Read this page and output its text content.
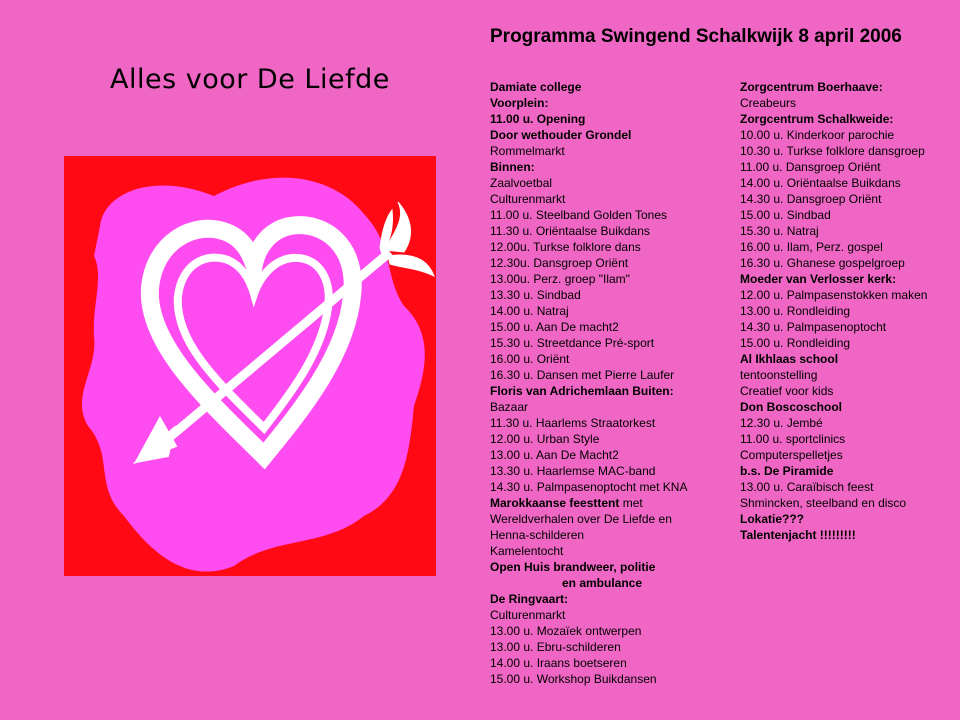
Programma Swingend Schalkwijk 8 april 2006
Alles voor De Liefde	Damiate college
Voorplein:
11.00 u. Opening
Door wethouder Grondel
Rommelmarkt
Binnen:
Zaalvoetbal
Culturenmarkt
11.00 u. Steelband Golden Tones
11.30 u. Oriëntaalse Buikdans
12.00u. Turkse folklore dans
12.30u. Dansgroep Oriënt
13.00u. Perz. groep "Ilam"
13.30 u. Sindbad
14.00 u. Natraj
15.00 u. Aan De macht2
15.30 u. Streetdance Pré-sport
16.00 u. Oriënt
16.30 u. Dansen met Pierre Laufer
Floris van Adrichemlaan Buiten:
Bazaar
11.30 u. Haarlems Straatorkest
12.00 u. Urban Style
13.00 u. Aan De Macht2
13.30 u. Haarlemse MAC-band
14.30 u. Palmpasenoptocht met KNA
Marokkaanse feesttent met
Wereldverhalen over De Liefde en
Henna-schilderen
Kamelentocht
Open Huis brandweer, politie
en ambulance
De Ringvaart:
Culturenmarkt
13.00 u. Mozaïek ontwerpen
13.00 u. Ebru-schilderen
14.00 u. Iraans boetseren
15.00 u. Workshop Buikdansen
Zorgcentrum Boerhaave:
Creabeurs
Zorgcentrum Schalkweide:
10.00 u. Kinderkoor parochie
10.30 u. Turkse folklore dansgroep
11.00 u. Dansgroep Oriënt
14.00 u. Oriëntaalse Buikdans
14.30 u. Dansgroep Oriënt
15.00 u. Sindbad
15.30 u. Natraj
16.00 u. Ilam, Perz. gospel
16.30 u. Ghanese gospelgroep
Moeder van Verlosser kerk:
12.00 u. Palmpasenstokken maken
13.00 u. Rondleiding
14.30 u. Palmpasenoptocht
15.00 u. Rondleiding
Al Ikhlaas school
tentoonstelling
Creatief voor kids
Don Boscoschool
12.30 u. Jembé
11.00 u. sportclinics
Computerspelletjes
b.s. De Piramide
13.00 u. Caraïbisch feest
Shmincken, steelband en disco
Lokatie???
Talentenjacht !!!!!!!!!
